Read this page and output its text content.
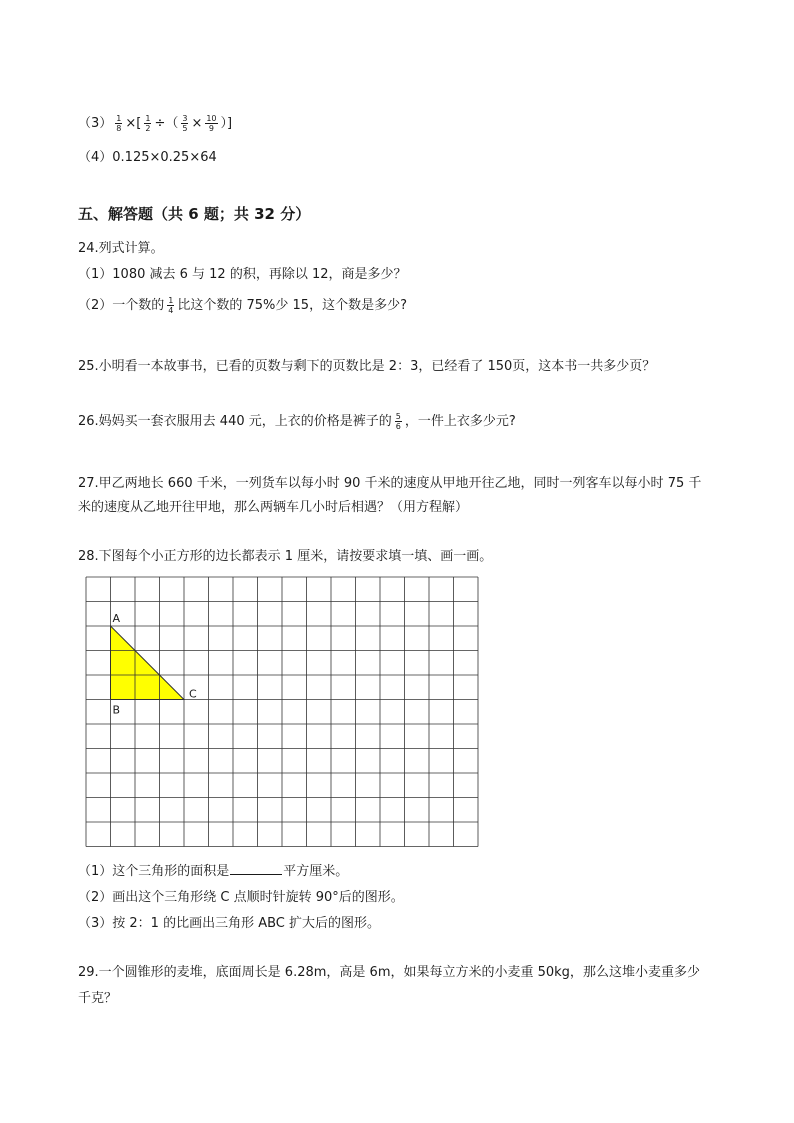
$(3) \frac{1}{8}$ ×[ $\frac{1}{2}$ ÷（ $\frac{3}{5} \times \frac{10}{9}$ ）]
（4）0.125×0.25×64
五、解答题（共 6 题；共 32 分）
24.列式计算。
（1）1080 减去 6 与 12 的积，再除以 12，商是多少？
（2）一个数的 $\frac{1}{4}$ 比这个数的 75%少 15，这个数是多少?
25.小明看一本故事书，已看的页数与剩下的页数比是 2：3，已经看了 150页，这本书一共多少页？
26.妈妈买一套衣服用去 440 元，上衣的价格是裤子的 $\frac{5}{6}$ ，一件上衣多少元?
27.甲乙两地长 660 千米，一列货车以每小时 90 千米的速度从甲地开往乙地，同时一列客车以每小时 75 千
米的速度从乙地开往甲地，那么两辆车几小时后相遇？（用方程解）
28.下图每个小正方形的边长都表示 1 厘米，请按要求填一填、画一画。
A
B
C
（1）这个三角形的面积是	平方厘米。
（2）画出这个三角形绕 C 点顺时针旋转 90°后的图形。
（3）按 2：1 的比画出三角形 ABC 扩大后的图形。
29.一个圆锥形的麦堆，底面周长是 6.28m，高是 6m，如果每立方米的小麦重 50kg，那么这堆小麦重多少
千克？
